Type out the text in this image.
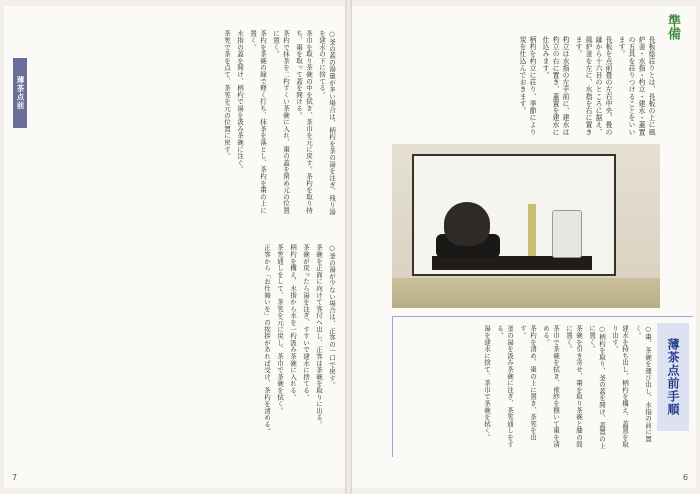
薄茶点前	○釜の蓋の湯量が多い場合は、柄杓を茶の湯を注ぎ、残り湯を建水の下に捨てる。

茶巾を取り茶碗の中を拭き、茶巾を元に戻す。茶杓を取り持ち、棗を取って蓋を開ける。

茶杓で抹茶を二杓すくい茶碗に入れ、棗の蓋を閉め元の位置に置く。

茶杓を茶碗の縁で軽く打ち、抹茶を落とし、茶杓を棗の上に置く。

水指の蓋を開け、柄杓で湯を汲み茶碗に注ぐ。

茶筅で茶を点て、茶筅を元の位置に戻す。

○釜の湯が少ない場合は、正客の一口で戻す。

茶碗を正面に向けて客付へ出し、正客は茶碗を取りに出る。

茶碗が戻ったら湯を注ぎ、すすいで建水に捨てる。

柄杓を構え、水指から水を一杓汲み茶碗に入れる。

茶筅通しをして、茶筅を元に戻し、茶巾で茶碗を拭く。

正客から「お仕舞いを」の挨拶があれば受け、茶杓を清める。

7
準備

長板総荘りとは、長板の上に風炉釜・水指・杓立・建水・蓋置の五具を荘りつけることをいいます。

長板を点前畳の左右中央、畳の縁から十六目のところに据え、風炉釜を左に、水指を右に置きます。

杓立は水指の左手前に、建水は杓立の右に置き、蓋置を建水に仕込みます。

柄杓を杓立に荘り、季節により炭を仕込んでおきます。

薄茶点前手順

○棗、茶碗を運び出し、水指の前に置く。

建水を持ち出し、柄杓を構え、蓋置を取り出す。

○柄杓を取り、釜の蓋を開け、蓋置の上に置く。

茶碗を引き寄せ、棗を取り茶碗と膝の間に置く。

茶巾で茶碗を拭き、袱紗を捌いて棗を清める。

茶杓を清め、棗の上に置き、茶筅を出す。

釜の湯を汲み茶碗に注ぎ、茶筅通しをする。

湯を建水に捨て、茶巾で茶碗を拭く。

6
